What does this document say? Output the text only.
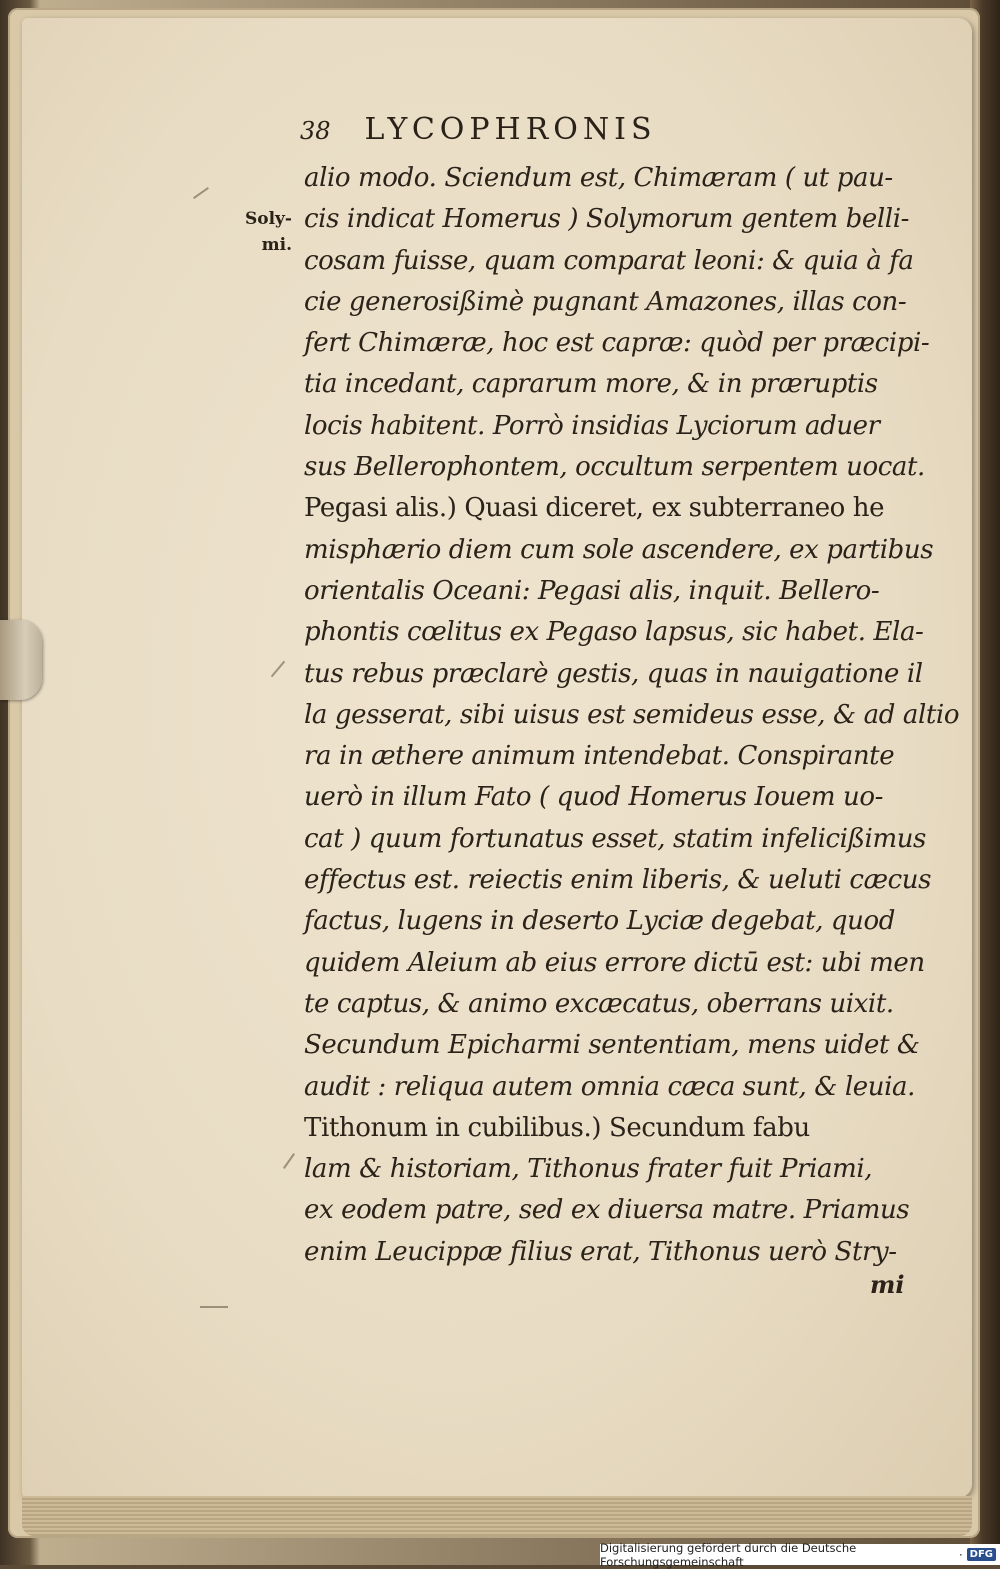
38 LYCOPHRONIS
Soly-
mi.
alio modo. Sciendum est, Chimæram ( ut pau-
cis indicat Homerus ) Solymorum gentem belli-
cosam fuisse, quam comparat leoni: & quia à fa
cie generosißimè pugnant Amazones, illas con-
fert Chimæræ, hoc est capræ: quòd per præcipi-
tia incedant, caprarum more, & in præruptis
locis habitent. Porrò insidias Lyciorum aduer
sus Bellerophontem, occultum serpentem uocat.
Pegasi alis.) Quasi diceret, ex subterraneo he
misphærio diem cum sole ascendere, ex partibus
orientalis Oceani: Pegasi alis, inquit. Bellero-
phontis cœlitus ex Pegaso lapsus, sic habet. Ela-
tus rebus præclarè gestis, quas in nauigatione il
la gesserat, sibi uisus est semideus esse, & ad altio
ra in æthere animum intendebat. Conspirante
uerò in illum Fato ( quod Homerus Iouem uo-
cat ) quum fortunatus esset, statim infelicißimus
effectus est. reiectis enim liberis, & ueluti cæcus
factus, lugens in deserto Lyciæ degebat, quod
quidem Aleium ab eius errore dictū est: ubi men
te captus, & animo excæcatus, oberrans uixit.
Secundum Epicharmi sententiam, mens uidet &
audit : reliqua autem omnia cæca sunt, & leuia.
Tithonum in cubilibus.) Secundum fabu
lam & historiam, Tithonus frater fuit Priami,
ex eodem patre, sed ex diuersa matre. Priamus
enim Leucippæ filius erat, Tithonus uerò Stry-
mi
Digitalisierung gefördert durch die Deutsche Forschungsgemeinschaft	· DFG
